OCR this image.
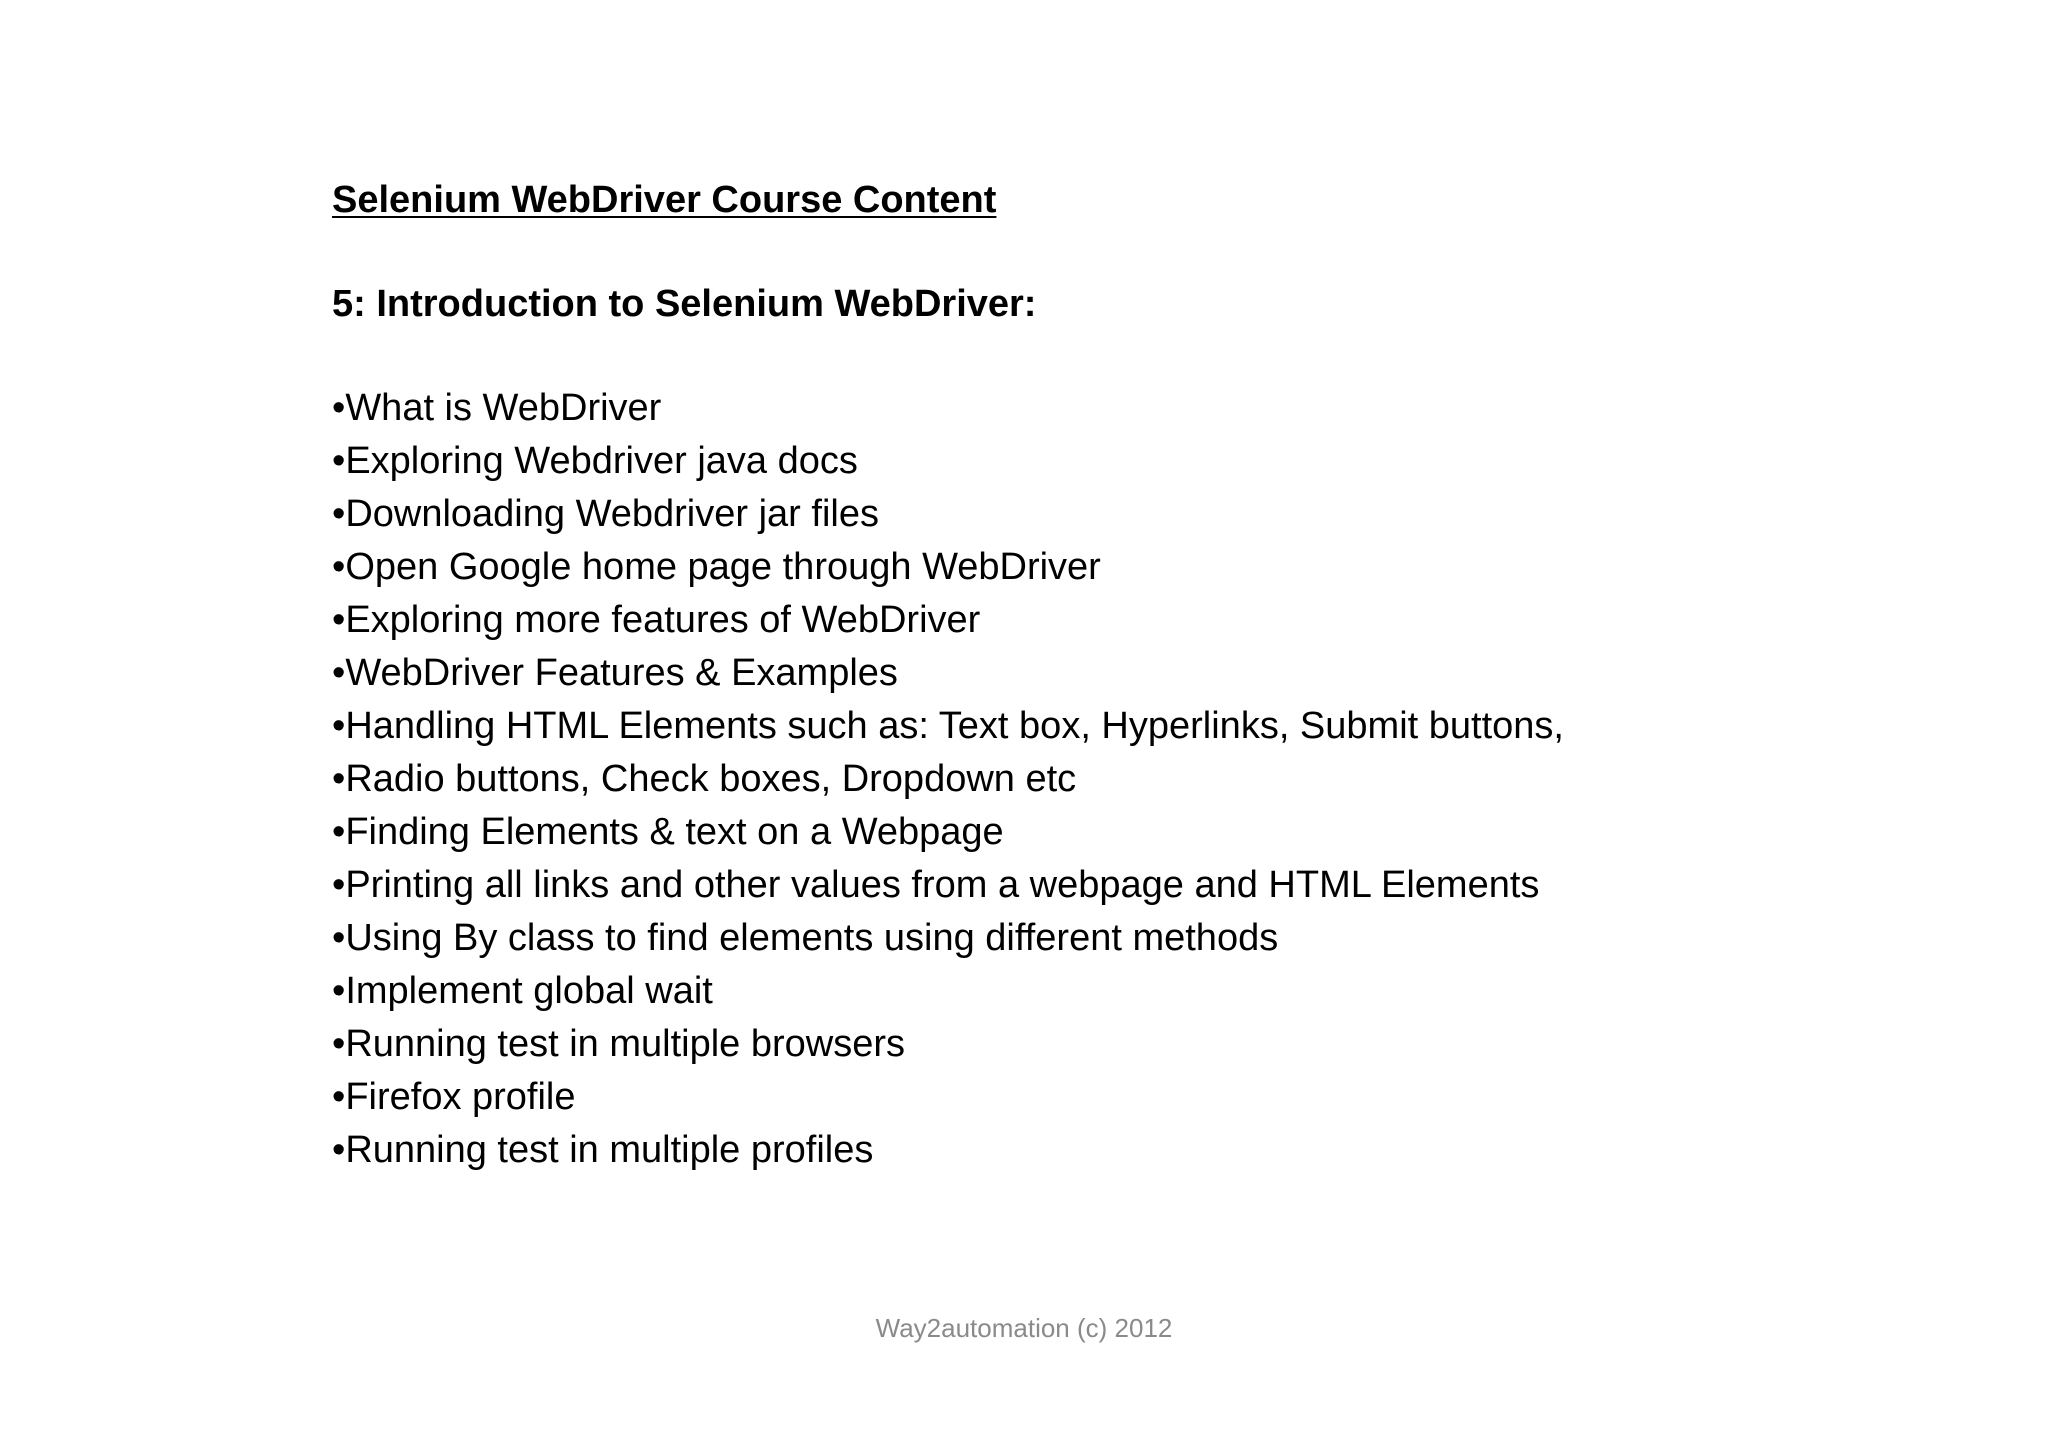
Selenium WebDriver Course Content
5: Introduction to Selenium WebDriver:
•What is WebDriver
•Exploring Webdriver java docs
•Downloading Webdriver jar files
•Open Google home page through WebDriver
•Exploring more features of WebDriver
•WebDriver Features & Examples
•Handling HTML Elements such as: Text box, Hyperlinks, Submit buttons,
•Radio buttons, Check boxes, Dropdown etc
•Finding Elements & text on a Webpage
•Printing all links and other values from a webpage and HTML Elements
•Using By class to find elements using different methods
•Implement global wait
•Running test in multiple browsers
•Firefox profile
•Running test in multiple profiles
Way2automation (c) 2012
